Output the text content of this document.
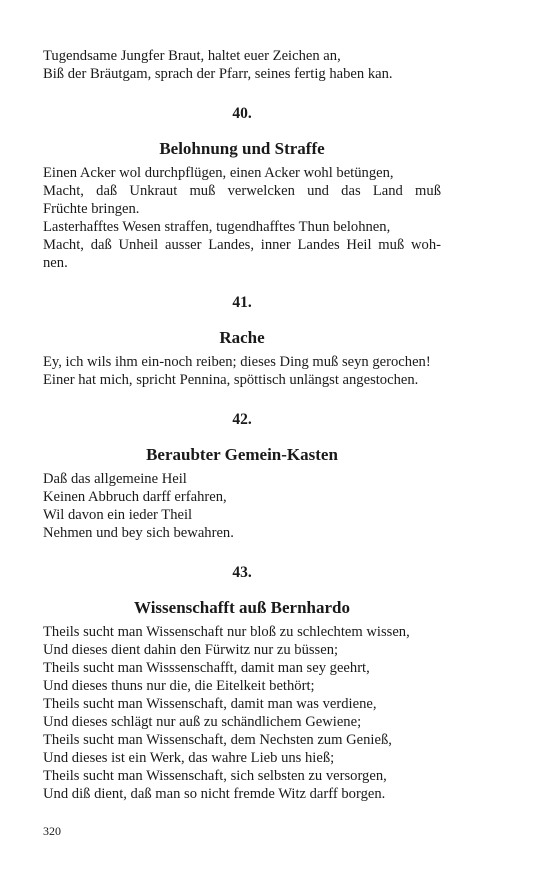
Tugendsame Jungfer Braut, haltet euer Zeichen an,
Biß der Bräutgam, sprach der Pfarr, seines fertig haben kan.
40.
Belohnung und Straffe
Einen Acker wol durchpflügen, einen Acker wohl betüngen,
Macht, daß Unkraut muß verwelcken und das Land muß
Früchte bringen.
Lasterhafftes Wesen straffen, tugendhafftes Thun belohnen,
Macht, daß Unheil ausser Landes, inner Landes Heil muß woh-
nen.
41.
Rache
Ey, ich wils ihm ein-noch reiben; dieses Ding muß seyn gerochen!
Einer hat mich, spricht Pennina, spöttisch unlängst angestochen.
42.
Beraubter Gemein-Kasten
Daß das allgemeine Heil
Keinen Abbruch darff erfahren,
Wil davon ein ieder Theil
Nehmen und bey sich bewahren.
43.
Wissenschafft auß Bernhardo
Theils sucht man Wissenschaft nur bloß zu schlechtem wissen,
Und dieses dient dahin den Fürwitz nur zu büssen;
Theils sucht man Wisssenschafft, damit man sey geehrt,
Und dieses thuns nur die, die Eitelkeit bethört;
Theils sucht man Wissenschaft, damit man was verdiene,
Und dieses schlägt nur auß zu schändlichem Gewiene;
Theils sucht man Wissenschaft, dem Nechsten zum Genieß,
Und dieses ist ein Werk, das wahre Lieb uns hieß;
Theils sucht man Wissenschaft, sich selbsten zu versorgen,
Und diß dient, daß man so nicht fremde Witz darff borgen.
320
